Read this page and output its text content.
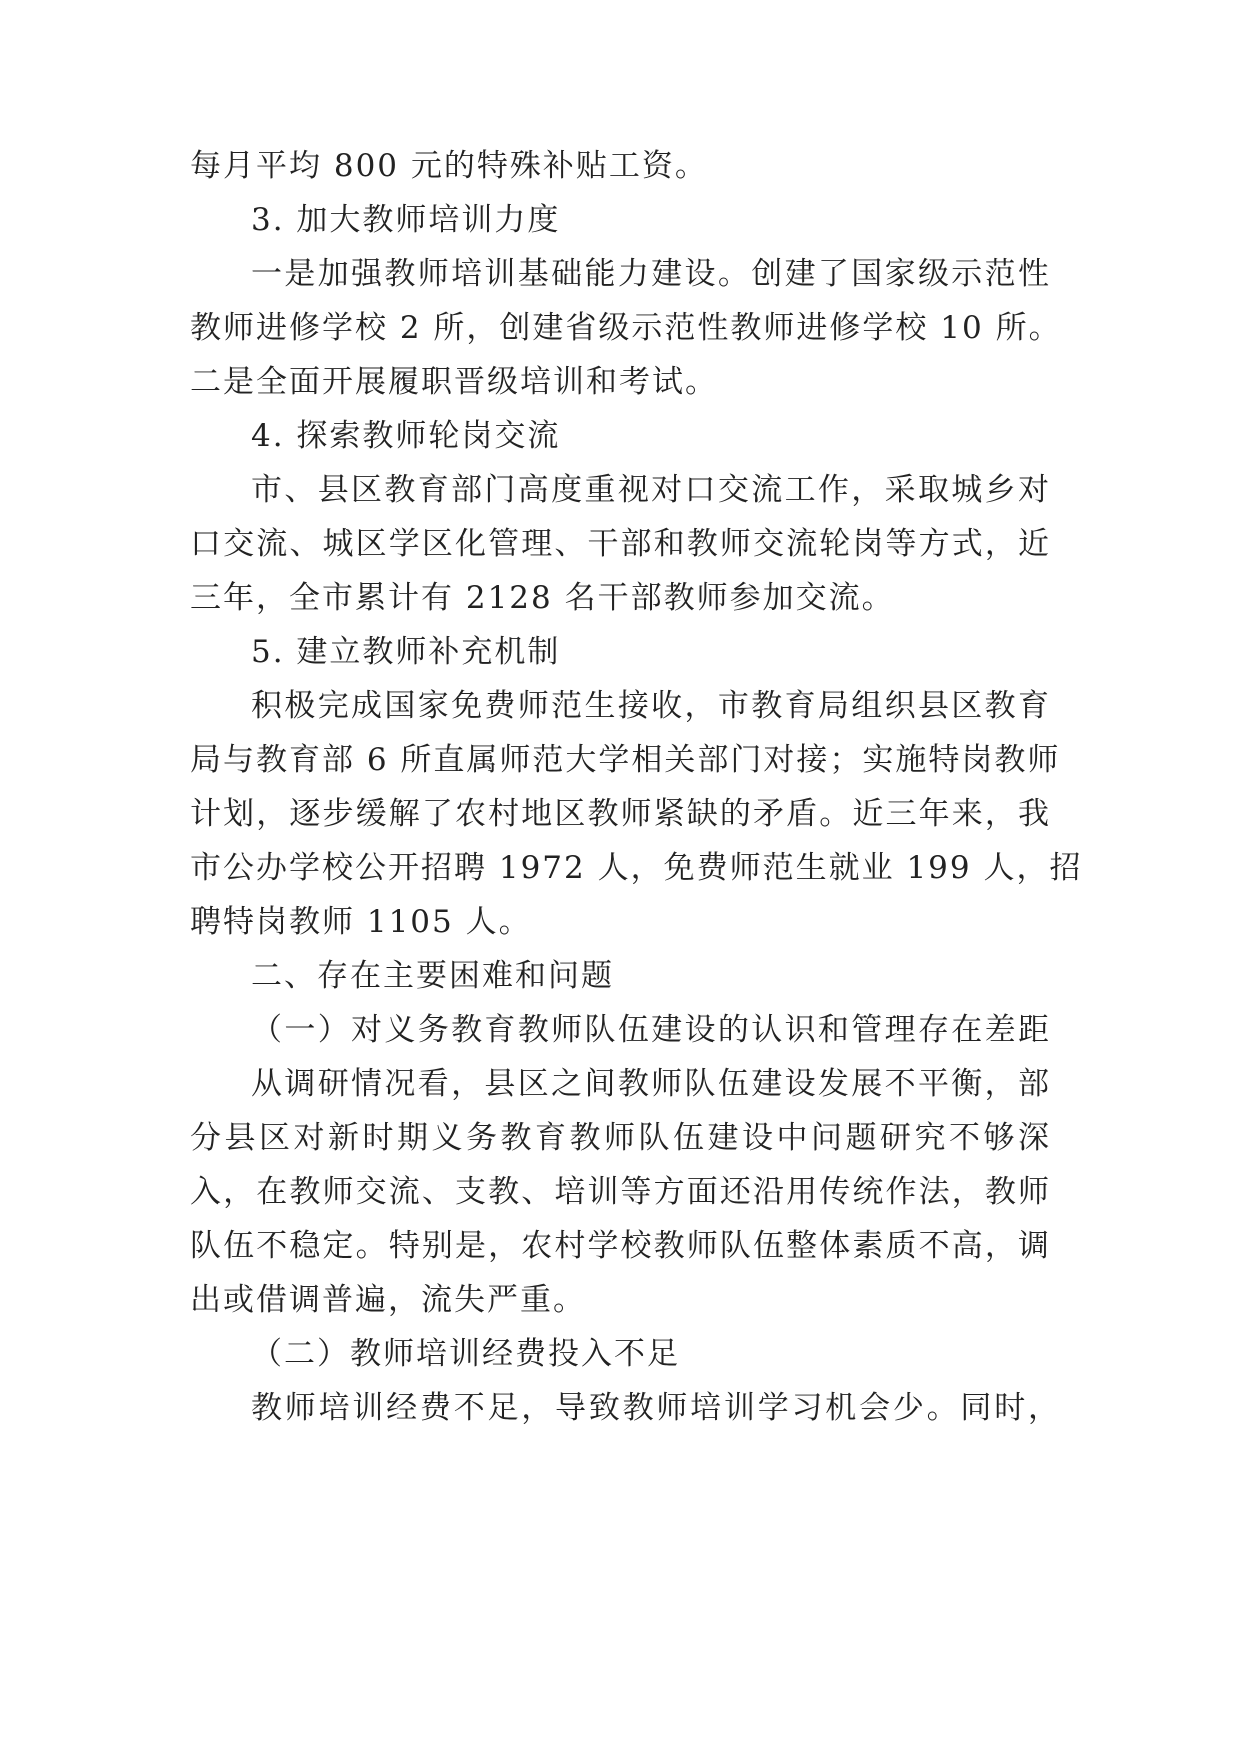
每月平均 800 元的特殊补贴工资。
3. 加大教师培训力度
一是加强教师培训基础能力建设。创建了国家级示范性
教师进修学校 2 所，创建省级示范性教师进修学校 10 所。
二是全面开展履职晋级培训和考试。
4. 探索教师轮岗交流
市、县区教育部门高度重视对口交流工作，采取城乡对
口交流、城区学区化管理、干部和教师交流轮岗等方式，近
三年，全市累计有 2128 名干部教师参加交流。
5. 建立教师补充机制
积极完成国家免费师范生接收，市教育局组织县区教育
局与教育部 6 所直属师范大学相关部门对接；实施特岗教师
计划，逐步缓解了农村地区教师紧缺的矛盾。近三年来，我
市公办学校公开招聘 1972 人，免费师范生就业 199 人，招
聘特岗教师 1105 人。
二、存在主要困难和问题
（一）对义务教育教师队伍建设的认识和管理存在差距
从调研情况看，县区之间教师队伍建设发展不平衡，部
分县区对新时期义务教育教师队伍建设中问题研究不够深
入，在教师交流、支教、培训等方面还沿用传统作法，教师
队伍不稳定。特别是，农村学校教师队伍整体素质不高，调
出或借调普遍，流失严重。
（二）教师培训经费投入不足
教师培训经费不足，导致教师培训学习机会少。同时，
